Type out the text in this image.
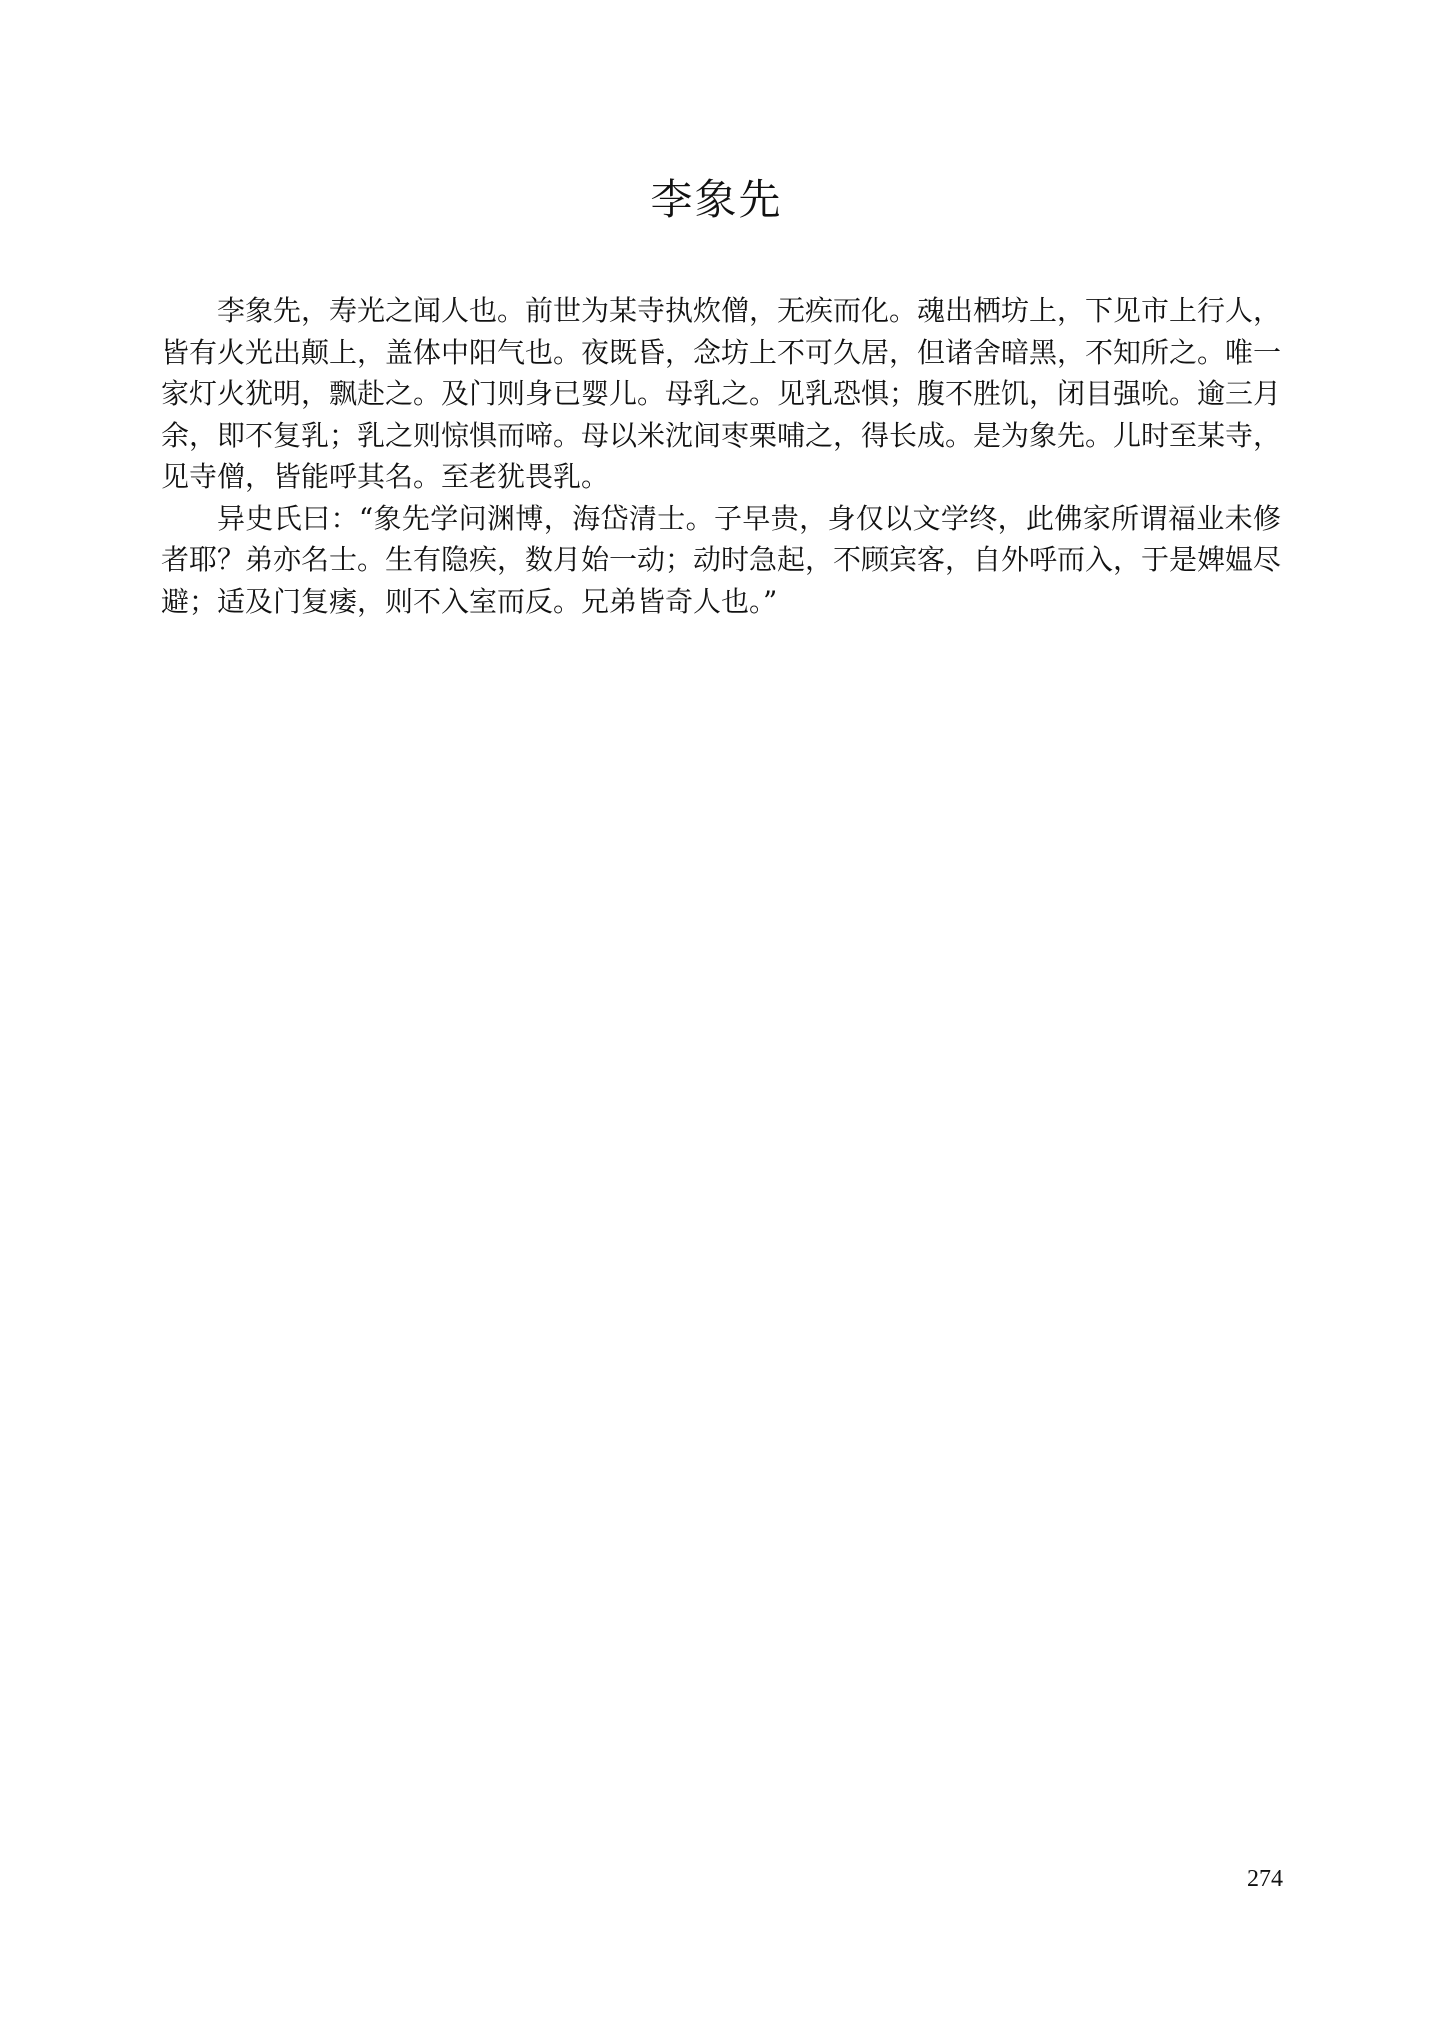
李象先

李象先，寿光之闻人也。前世为某寺执炊僧，无疾而化。魂出栖坊上，下见市上行人，皆有火光出颠上，盖体中阳气也。夜既昏，念坊上不可久居，但诸舍暗黑，不知所之。唯一家灯火犹明，飘赴之。及门则身已婴儿。母乳之。见乳恐惧；腹不胜饥，闭目强吮。逾三月余，即不复乳；乳之则惊惧而啼。母以米沈间枣栗哺之，得长成。是为象先。儿时至某寺，见寺僧，皆能呼其名。至老犹畏乳。

异史氏曰：“象先学问渊博，海岱清士。子早贵，身仅以文学终，此佛家所谓福业未修者耶？弟亦名士。生有隐疾，数月始一动；动时急起，不顾宾客，自外呼而入，于是婢媪尽避；适及门复痿，则不入室而反。兄弟皆奇人也。”

274
